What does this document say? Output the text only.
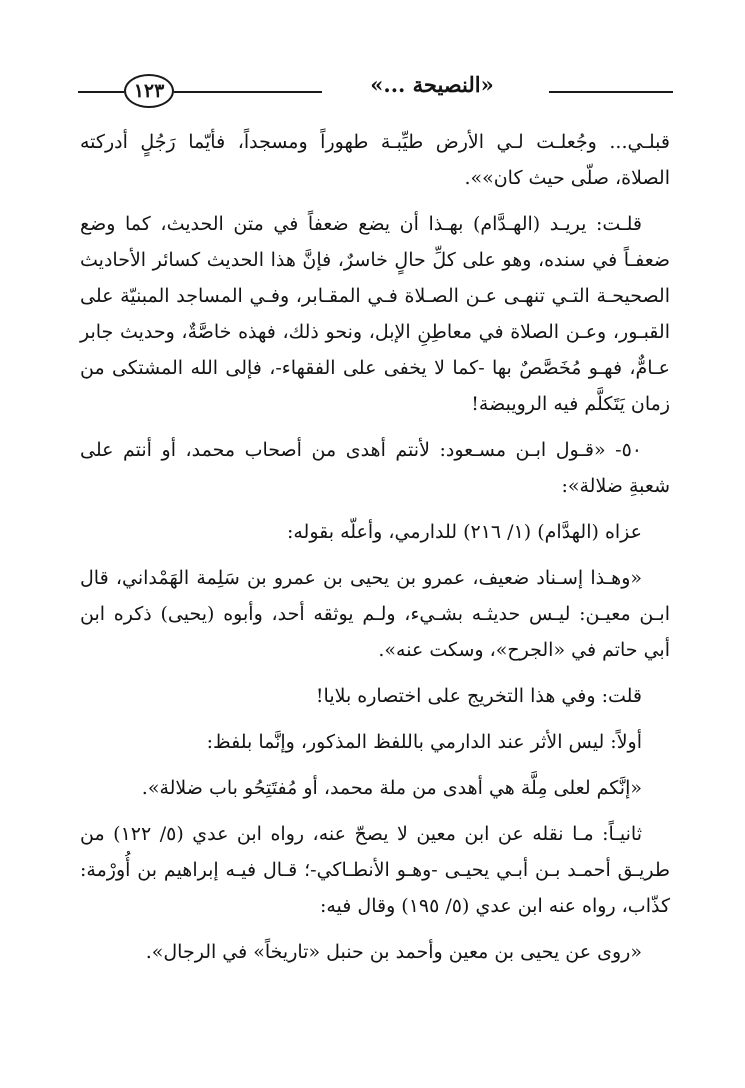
«النصيحة ...»
١٢٣

قبلـي... وجُعلـت لـي الأرض طيِّبـة طهوراً ومسجداً، فأيّما رَجُلٍ أدركته الصلاة، صلّى حيث كان»».

قلـت: يريـد (الهـدَّام) بهـذا أن يضع ضعفاً في متن الحديث، كما وضع ضعفـاً في سنده، وهو على كلِّ حالٍ خاسرٌ، فإنَّ هذا الحديث كسائر الأحاديث الصحيحـة التـي تنهـى عـن الصـلاة فـي المقـابر، وفـي المساجد المبنيّة على القبـور، وعـن الصلاة في معاطِنِ الإبل، ونحو ذلك، فهذه خاصَّةٌ، وحديث جابر عـامٌّ، فهـو مُخَصَّصٌ بها -كما لا يخفى على الفقهاء-، فإلى الله المشتكى من زمان يَتَكلَّم فيه الرويبضة!

٥٠- «قـول ابـن مسـعود: لأنتم أهدى من أصحاب محمد، أو أنتم على شعبةِ ضلالة»:

عزاه (الهدَّام) (١/ ٢١٦) للدارمي، وأعلّه بقوله:

«وهـذا إسـناد ضعيف، عمرو بن يحيى بن عمرو بن سَلِمة الهَمْداني، قال ابـن معيـن: ليـس حديثـه بشـيء، ولـم يوثقه أحد، وأبوه (يحيى) ذكره ابن أبي حاتم في «الجرح»، وسكت عنه».

قلت: وفي هذا التخريج على اختصاره بلايا!

أولاً: ليس الأثر عند الدارمي باللفظ المذكور، وإنَّما بلفظ:

«إنَّكم لعلى مِلَّة هي أهدى من ملة محمد، أو مُفتَتِحُو باب ضلالة».

ثانيـاً: مـا نقله عن ابن معين لا يصحّ عنه، رواه ابن عدي (٥/ ١٢٢) من طريـق أحمـد بـن أبـي يحيـى -وهـو الأنطـاكي-؛ قـال فيـه إبراهيم بن أُورْمة: كذّاب، رواه عنه ابن عدي (٥/ ١٩٥) وقال فيه:

«روى عن يحيى بن معين وأحمد بن حنبل «تاريخاً» في الرجال».
